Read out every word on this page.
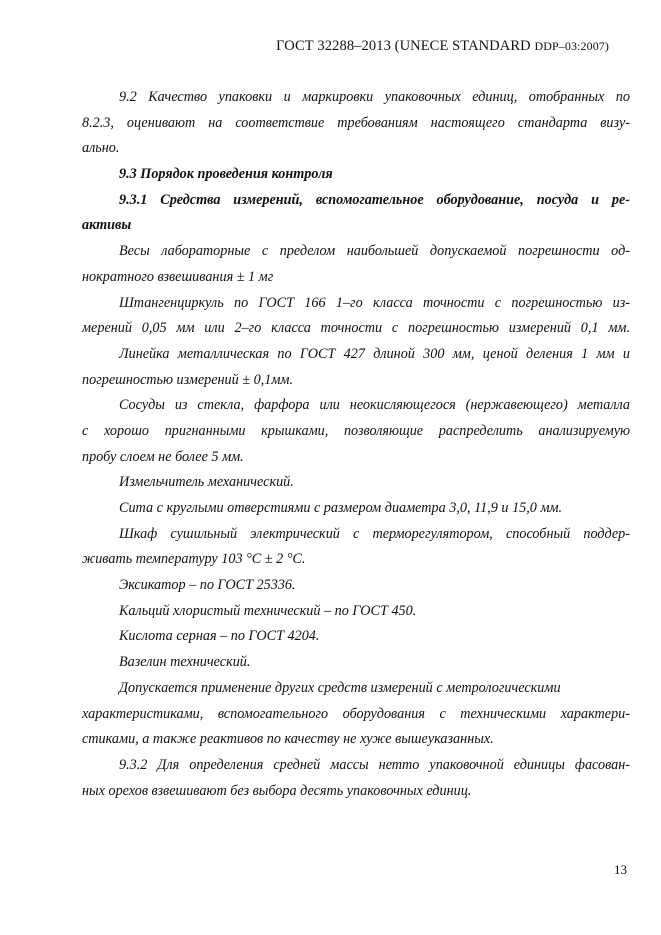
ГОСТ 32288–2013 (UNECE STANDARD DDP–03:2007)
9.2 Качество упаковки и маркировки упаковочных единиц, отобранных по
8.2.3, оценивают на соответствие требованиям настоящего стандарта визу-
ально.
9.3 Порядок проведения контроля
9.3.1 Средства измерений, вспомогательное оборудование, посуда и ре-
активы
Весы лабораторные с пределом наибольшей допускаемой погрешности од-
нократного взвешивания ± 1 мг
Штангенциркуль по ГОСТ 166 1–го класса точности с погрешностью из-
мерений 0,05 мм или 2–го класса точности с погрешностью измерений 0,1 мм.
Линейка металлическая по ГОСТ 427 длиной 300 мм, ценой деления 1 мм и
погрешностью измерений ± 0,1мм.
Сосуды из стекла, фарфора или неокисляющегося (нержавеющего) металла
с хорошо пригнанными крышками, позволяющие распределить анализируемую
пробу слоем не более 5 мм.
Измельчитель механический.
Сита с круглыми отверстиями с размером диаметра 3,0, 11,9 и 15,0 мм.
Шкаф сушильный электрический с терморегулятором, способный поддер-
живать температуру 103 °С ± 2 °С.
Эксикатор – по ГОСТ 25336.
Кальций хлористый технический – по ГОСТ 450.
Кислота серная – по ГОСТ 4204.
Вазелин технический.
Допускается применение других средств измерений с метрологическими
характеристиками, вспомогательного оборудования с техническими характери-
стиками, а также реактивов по качеству не хуже вышеуказанных.
9.3.2 Для определения средней массы нетто упаковочной единицы фасован-
ных орехов взвешивают без выбора десять упаковочных единиц.
13
